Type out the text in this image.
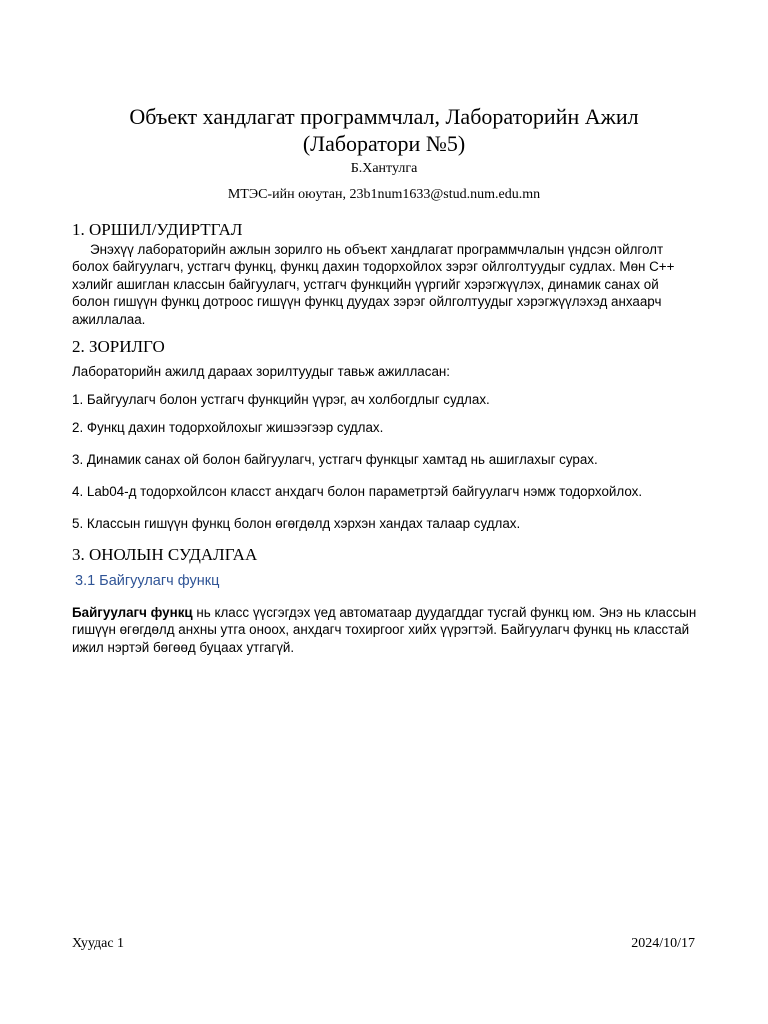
Объект хандлагат программчлал, Лабораторийн Ажил
(Лаборатори №5)
Б.Хантулга
МТЭС-ийн оюутан, 23b1num1633@stud.num.edu.mn
1. ОРШИЛ/УДИРТГАЛ
Энэхүү лабораторийн ажлын зорилго нь объект хандлагат программчлалын үндсэн ойлголт болох байгуулагч, устгагч функц, функц дахин тодорхойлох зэрэг ойлголтуудыг судлах. Мөн C++ хэлийг ашиглан классын байгуулагч, устгагч функцийн үүргийг хэрэгжүүлэх, динамик санах ой болон гишүүн функц дотроос гишүүн функц дуудах зэрэг ойлголтуудыг хэрэгжүүлэхэд анхаарч ажиллалаа.
2. ЗОРИЛГО
Лабораторийн ажилд дараах зорилтуудыг тавьж ажилласан:
1. Байгуулагч болон устгагч функцийн үүрэг, ач холбогдлыг судлах.
2. Функц дахин тодорхойлохыг жишээгээр судлах.
3. Динамик санах ой болон байгуулагч, устгагч функцыг хамтад нь ашиглахыг сурах.
4. Lab04-д тодорхойлсон класст анхдагч болон параметртэй байгуулагч нэмж тодорхойлох.
5. Классын гишүүн функц болон өгөгдөлд хэрхэн хандах талаар судлах.
3. ОНОЛЫН СУДАЛГАА
3.1 Байгуулагч функц
Байгуулагч функц нь класс үүсгэгдэх үед автоматаар дуудагддаг тусгай функц юм. Энэ нь классын гишүүн өгөгдөлд анхны утга оноох, анхдагч тохиргоог хийх үүрэгтэй. Байгуулагч функц нь класстай ижил нэртэй бөгөөд буцаах утгагүй.
Хуудас 1	2024/10/17
